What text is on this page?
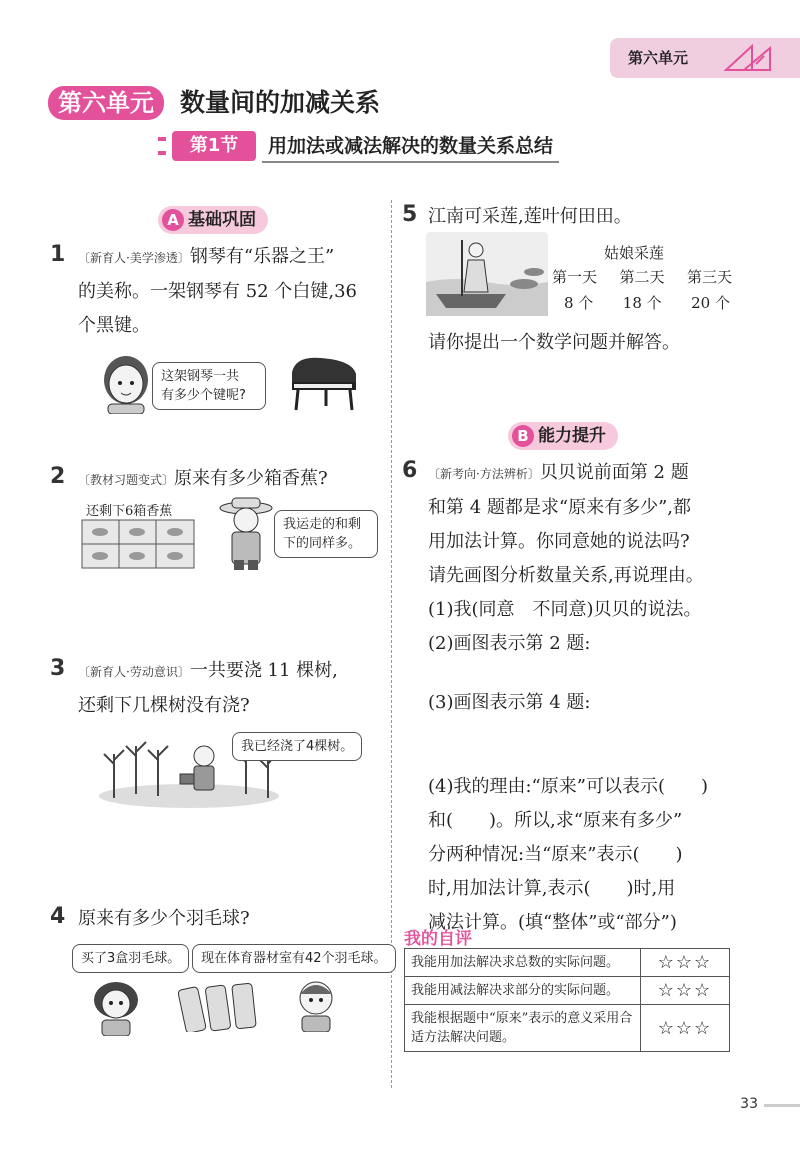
第六单元
第六单元	数量间的加减关系
第1节	用加法或减法解决的数量关系总结
A 基础巩固
1 〔新育人·美学渗透〕钢琴有“乐器之王”
的美称。一架钢琴有 52 个白键,36
个黑键。
这架钢琴一共
有多少个键呢?
2 〔教材习题变式〕原来有多少箱香蕉?
还剩下6箱香蕉
我运走的和剩
下的同样多。
3 〔新育人·劳动意识〕一共要浇 11 棵树,
还剩下几棵树没有浇?
我已经浇了4棵树。
4 原来有多少个羽毛球?
买了3盒羽毛球。	现在体育器材室有42个羽毛球。
5 江南可采莲,莲叶何田田。
姑娘采莲
第一天 第二天 第三天
8 个 18 个 20 个
请你提出一个数学问题并解答。
B 能力提升
6 〔新考向·方法辨析〕贝贝说前面第 2 题
和第 4 题都是求“原来有多少”,都
用加法计算。你同意她的说法吗?
请先画图分析数量关系,再说理由。
(1)我(同意　不同意)贝贝的说法。
(2)画图表示第 2 题:
(3)画图表示第 4 题:
(4)我的理由:“原来”可以表示(　　)
和(　　)。所以,求“原来有多少”
分两种情况:当“原来”表示(　　)
时,用加法计算,表示(　　)时,用
减法计算。(填“整体”或“部分”)
我的自评
我能用加法解决求总数的实际问题。	☆☆☆
我能用减法解决求部分的实际问题。	☆☆☆
我能根据题中“原来”表示的意义采用合适方法解决问题。	☆☆☆
33
